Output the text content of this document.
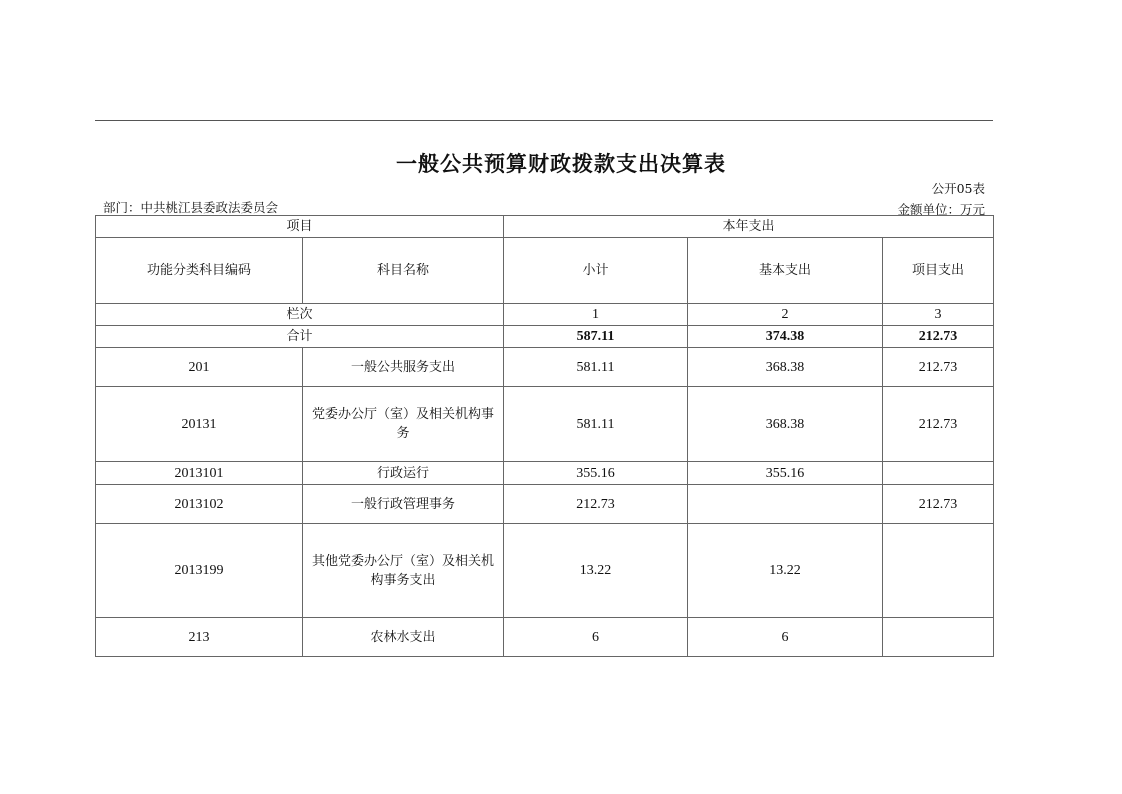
一般公共预算财政拨款支出决算表
公开05表
部门：中共桃江县委政法委员会	金额单位：万元
项目		本年支出		
功能分类科目编码	科目名称	小计	基本支出	项目支出
栏次		1	2	3
合计		587.11	374.38	212.73
201	一般公共服务支出	581.11	368.38	212.73
20131	党委办公厅（室）及相关机构事务	581.11	368.38	212.73
2013101	行政运行	355.16	355.16	
2013102	一般行政管理事务	212.73		212.73
2013199	其他党委办公厅（室）及相关机构事务支出	13.22	13.22	
213	农林水支出	6	6	
